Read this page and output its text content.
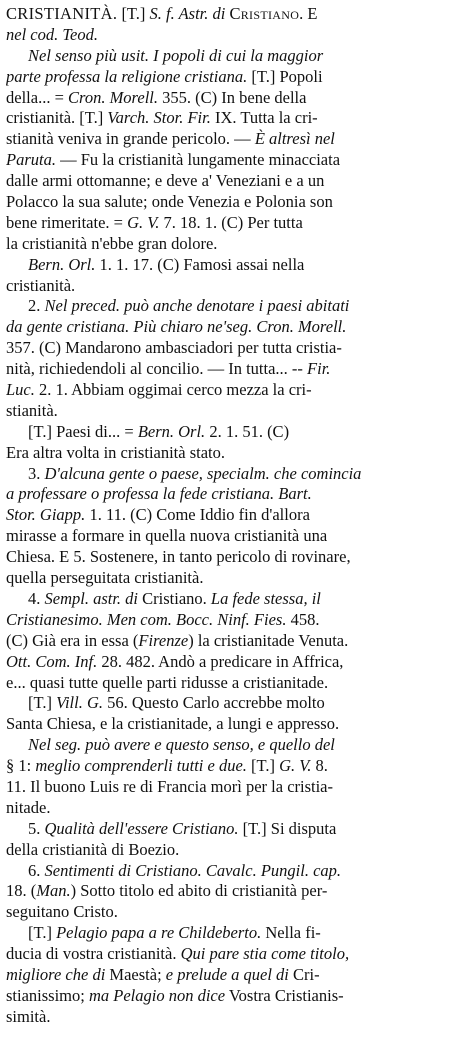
CRISTIANITÀ. [T.] S. f. Astr. di Cristiano. E
nel cod. Teod.
Nel senso più usit. I popoli di cui la maggior
parte professa la religione cristiana. [T.] Popoli
della... = Cron. Morell. 355. (C) In bene della
cristianità. [T.] Varch. Stor. Fir. IX. Tutta la cri-
stianità veniva in grande pericolo. — È altresì nel
Paruta. — Fu la cristianità lungamente minacciata
dalle armi ottomanne; e deve a' Veneziani e a un
Polacco la sua salute; onde Venezia e Polonia son
bene rimeritate. = G. V. 7. 18. 1. (C) Per tutta
la cristianità n'ebbe gran dolore.
Bern. Orl. 1. 1. 17. (C) Famosi assai nella
cristianità.
2. Nel preced. può anche denotare i paesi abitati
da gente cristiana. Più chiaro ne'seg. Cron. Morell.
357. (C) Mandarono ambasciadori per tutta cristia-
nità, richiedendoli al concilio. — In tutta... -- Fir.
Luc. 2. 1. Abbiam oggimai cerco mezza la cri-
stianità.
[T.] Paesi di... = Bern. Orl. 2. 1. 51. (C)
Era altra volta in cristianità stato.
3. D'alcuna gente o paese, specialm. che comincia
a professare o professa la fede cristiana. Bart.
Stor. Giapp. 1. 11. (C) Come Iddio fin d'allora
mirasse a formare in quella nuova cristianità una
Chiesa. E 5. Sostenere, in tanto pericolo di rovinare,
quella perseguitata cristianità.
4. Sempl. astr. di Cristiano. La fede stessa, il
Cristianesimo. Men com. Bocc. Ninf. Fies. 458.
(C) Già era in essa (Firenze) la cristianitade Venuta.
Ott. Com. Inf. 28. 482. Andò a predicare in Affrica,
e... quasi tutte quelle parti ridusse a cristianitade.
[T.] Vill. G. 56. Questo Carlo accrebbe molto
Santa Chiesa, e la cristianitade, a lungi e appresso.
Nel seg. può avere e questo senso, e quello del
§ 1: meglio comprenderli tutti e due. [T.] G. V. 8.
11. Il buono Luis re di Francia morì per la cristia-
nitade.
5. Qualità dell'essere Cristiano. [T.] Si disputa
della cristianità di Boezio.
6. Sentimenti di Cristiano. Cavalc. Pungil. cap.
18. (Man.) Sotto titolo ed abito di cristianità per-
seguitano Cristo.
[T.] Pelagio papa a re Childeberto. Nella fi-
ducia di vostra cristianità. Qui pare stia come titolo,
migliore che di Maestà; e prelude a quel di Cri-
stianissimo; ma Pelagio non dice Vostra Cristianis-
simità.
